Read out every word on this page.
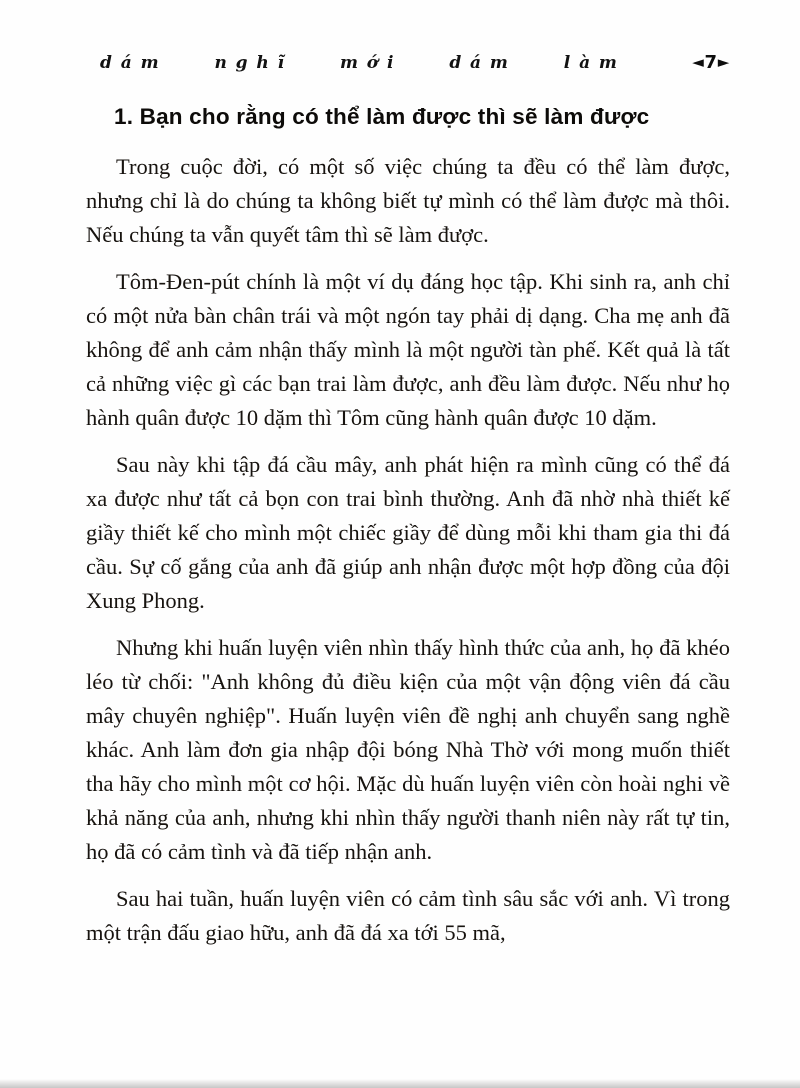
dám nghĩ mới dám làm	◄7►
1. Bạn cho rằng có thể làm được thì sẽ làm được

Trong cuộc đời, có một số việc chúng ta đều có thể làm được, nhưng chỉ là do chúng ta không biết tự mình có thể làm được mà thôi. Nếu chúng ta vẫn quyết tâm thì sẽ làm được.

Tôm-Đen-pút chính là một ví dụ đáng học tập. Khi sinh ra, anh chỉ có một nửa bàn chân trái và một ngón tay phải dị dạng. Cha mẹ anh đã không để anh cảm nhận thấy mình là một người tàn phế. Kết quả là tất cả những việc gì các bạn trai làm được, anh đều làm được. Nếu như họ hành quân được 10 dặm thì Tôm cũng hành quân được 10 dặm.

Sau này khi tập đá cầu mây, anh phát hiện ra mình cũng có thể đá xa được như tất cả bọn con trai bình thường. Anh đã nhờ nhà thiết kế giầy thiết kế cho mình một chiếc giầy để dùng mỗi khi tham gia thi đá cầu. Sự cố gắng của anh đã giúp anh nhận được một hợp đồng của đội Xung Phong.

Nhưng khi huấn luyện viên nhìn thấy hình thức của anh, họ đã khéo léo từ chối: "Anh không đủ điều kiện của một vận động viên đá cầu mây chuyên nghiệp". Huấn luyện viên đề nghị anh chuyển sang nghề khác. Anh làm đơn gia nhập đội bóng Nhà Thờ với mong muốn thiết tha hãy cho mình một cơ hội. Mặc dù huấn luyện viên còn hoài nghi về khả năng của anh, nhưng khi nhìn thấy người thanh niên này rất tự tin, họ đã có cảm tình và đã tiếp nhận anh.

Sau hai tuần, huấn luyện viên có cảm tình sâu sắc với anh. Vì trong một trận đấu giao hữu, anh đã đá xa tới 55 mã,
